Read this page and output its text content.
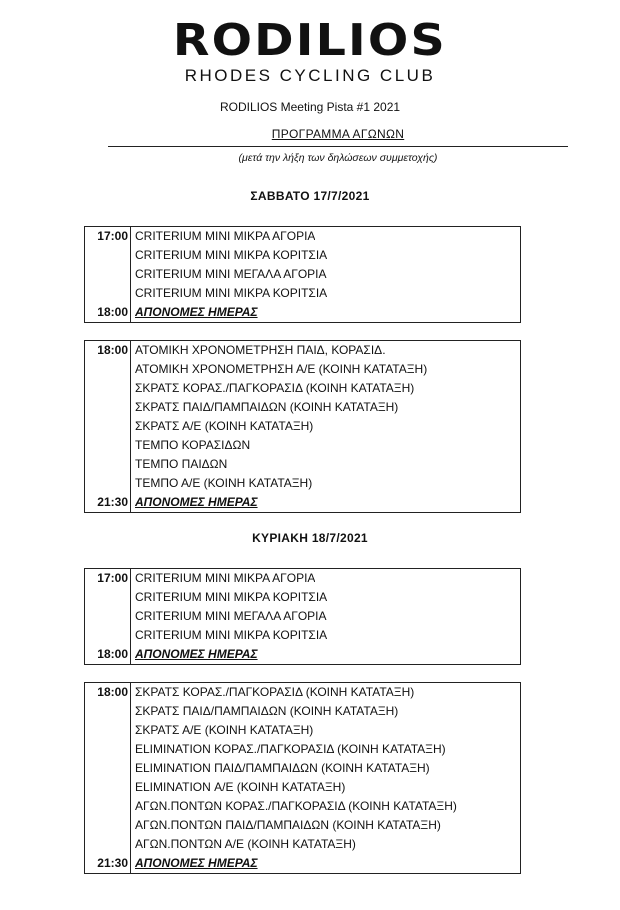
RODILIOS
RHODES CYCLING CLUB
RODILIOS Meeting Pista #1 2021
ΠΡΟΓΡΑΜΜΑ ΑΓΩΝΩΝ
(μετά την λήξη των δηλώσεων συμμετοχής)
ΣΑΒΒΑΤΟ 17/7/2021
17:00 CRITERIUM ΜΙΝΙ ΜΙΚΡΑ ΑΓΟΡΙΑ
CRITERIUM ΜΙΝΙ ΜΙΚΡΑ ΚΟΡΙΤΣΙΑ
CRITERIUM ΜΙΝΙ ΜΕΓΑΛΑ ΑΓΟΡΙΑ
CRITERIUM ΜΙΝΙ ΜΙΚΡΑ ΚΟΡΙΤΣΙΑ
18:00 ΑΠΟΝΟΜΕΣ ΗΜΕΡΑΣ
18:00 ΑΤΟΜΙΚΗ ΧΡΟΝΟΜΕΤΡΗΣΗ ΠΑΙΔ, ΚΟΡΑΣΙΔ.
ΑΤΟΜΙΚΗ ΧΡΟΝΟΜΕΤΡΗΣΗ Α/Ε (ΚΟΙΝΗ ΚΑΤΑΤΑΞΗ)
ΣΚΡΑΤΣ ΚΟΡΑΣ./ΠΑΓΚΟΡΑΣΙΔ (ΚΟΙΝΗ ΚΑΤΑΤΑΞΗ)
ΣΚΡΑΤΣ ΠΑΙΔ/ΠΑΜΠΑΙΔΩΝ (ΚΟΙΝΗ ΚΑΤΑΤΑΞΗ)
ΣΚΡΑΤΣ Α/Ε (ΚΟΙΝΗ ΚΑΤΑΤΑΞΗ)
ΤΕΜΠΟ ΚΟΡΑΣΙΔΩΝ
ΤΕΜΠΟ ΠΑΙΔΩΝ
ΤΕΜΠΟ Α/Ε (ΚΟΙΝΗ ΚΑΤΑΤΑΞΗ)
21:30 ΑΠΟΝΟΜΕΣ ΗΜΕΡΑΣ
ΚΥΡΙΑΚΗ 18/7/2021
17:00 CRITERIUM ΜΙΝΙ ΜΙΚΡΑ ΑΓΟΡΙΑ
CRITERIUM ΜΙΝΙ ΜΙΚΡΑ ΚΟΡΙΤΣΙΑ
CRITERIUM ΜΙΝΙ ΜΕΓΑΛΑ ΑΓΟΡΙΑ
CRITERIUM ΜΙΝΙ ΜΙΚΡΑ ΚΟΡΙΤΣΙΑ
18:00 ΑΠΟΝΟΜΕΣ ΗΜΕΡΑΣ
18:00 ΣΚΡΑΤΣ ΚΟΡΑΣ./ΠΑΓΚΟΡΑΣΙΔ (ΚΟΙΝΗ ΚΑΤΑΤΑΞΗ)
ΣΚΡΑΤΣ ΠΑΙΔ/ΠΑΜΠΑΙΔΩΝ (ΚΟΙΝΗ ΚΑΤΑΤΑΞΗ)
ΣΚΡΑΤΣ Α/Ε (ΚΟΙΝΗ ΚΑΤΑΤΑΞΗ)
ELIMINATION ΚΟΡΑΣ./ΠΑΓΚΟΡΑΣΙΔ (ΚΟΙΝΗ ΚΑΤΑΤΑΞΗ)
ELIMINATION ΠΑΙΔ/ΠΑΜΠΑΙΔΩΝ (ΚΟΙΝΗ ΚΑΤΑΤΑΞΗ)
ELIMINATION Α/Ε (ΚΟΙΝΗ ΚΑΤΑΤΑΞΗ)
ΑΓΩΝ.ΠΟΝΤΩΝ ΚΟΡΑΣ./ΠΑΓΚΟΡΑΣΙΔ (ΚΟΙΝΗ ΚΑΤΑΤΑΞΗ)
ΑΓΩΝ.ΠΟΝΤΩΝ ΠΑΙΔ/ΠΑΜΠΑΙΔΩΝ (ΚΟΙΝΗ ΚΑΤΑΤΑΞΗ)
ΑΓΩΝ.ΠΟΝΤΩΝ Α/Ε (ΚΟΙΝΗ ΚΑΤΑΤΑΞΗ)
21:30 ΑΠΟΝΟΜΕΣ ΗΜΕΡΑΣ
